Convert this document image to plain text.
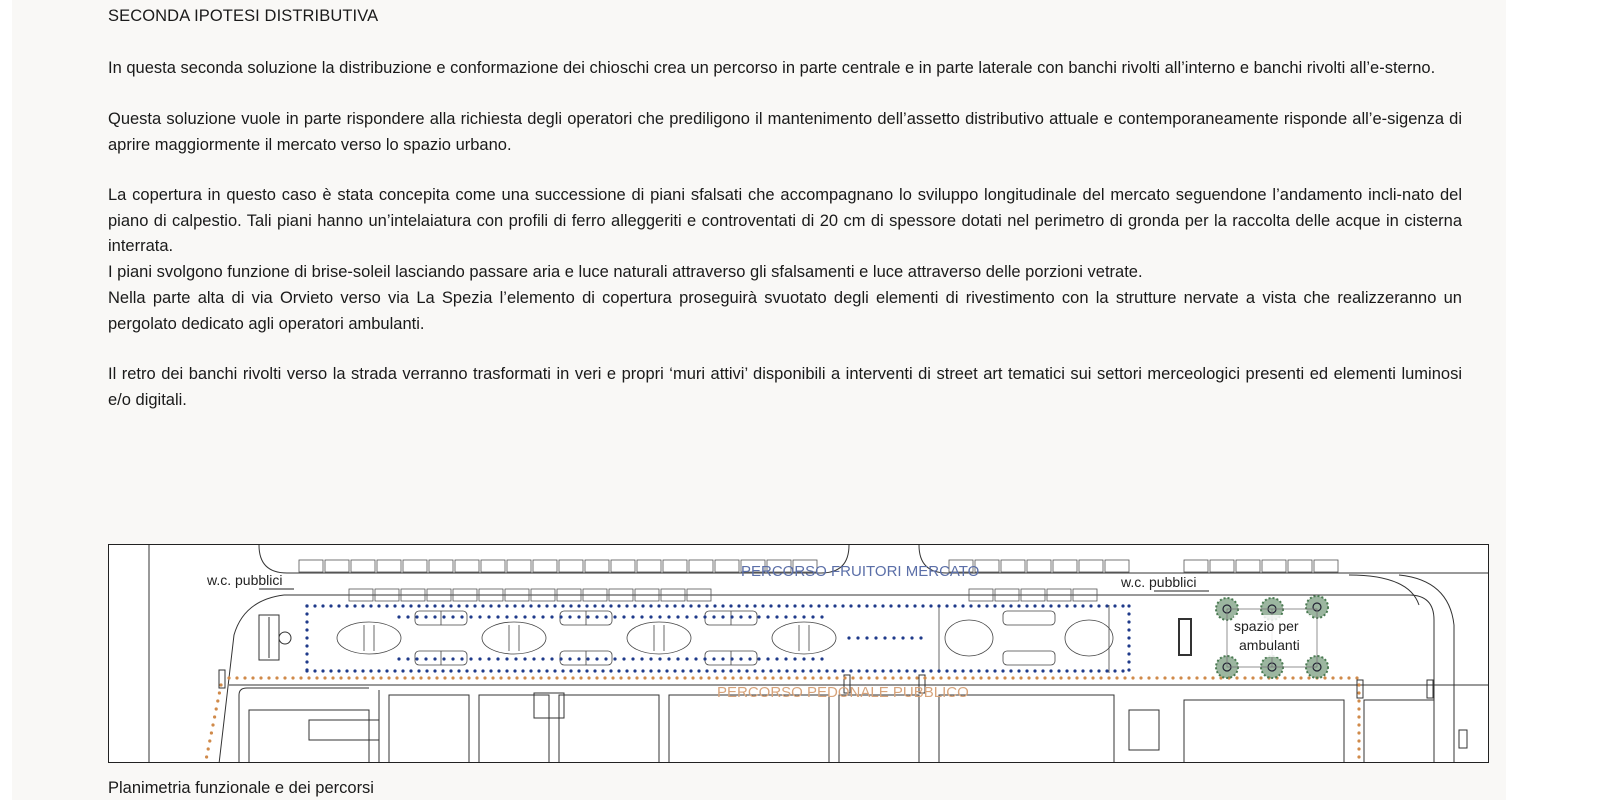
SECONDA IPOTESI DISTRIBUTIVA

In questa seconda soluzione la distribuzione e conformazione dei chioschi crea un percorso in parte centrale e in parte laterale con banchi rivolti all’interno e banchi rivolti all’e-sterno.

Questa soluzione vuole in parte rispondere alla richiesta degli operatori che prediligono il mantenimento dell’assetto distributivo attuale e contemporaneamente risponde all’e-sigenza di aprire maggiormente il mercato verso lo spazio urbano.

La copertura in questo caso è stata concepita come una successione di piani sfalsati che accompagnano lo sviluppo longitudinale del mercato seguendone l’andamento incli-nato del piano di calpestio. Tali piani hanno un’intelaiatura con profili di ferro alleggeriti e controventati di 20 cm di spessore dotati nel perimetro di gronda per la raccolta delle acque in cisterna interrata.

I piani svolgono funzione di brise-soleil lasciando passare aria e luce naturali attraverso gli sfalsamenti e luce attraverso delle porzioni vetrate.

Nella parte alta di via Orvieto verso via La Spezia l’elemento di copertura proseguirà svuotato degli elementi di rivestimento con la strutture nervate a vista che realizzeranno un pergolato dedicato agli operatori ambulanti.

Il retro dei banchi rivolti verso la strada verranno trasformati in veri e propri ‘muri attivi’ disponibili a interventi di street art tematici sui settori merceologici presenti ed elementi luminosi e/o digitali.

w.c. pubblici	w.c. pubblici
PERCORSO FRUITORI MERCATO
PERCORSO PEDONALE PUBBLICO
spazio per
ambulanti
Planimetria funzionale e dei percorsi
